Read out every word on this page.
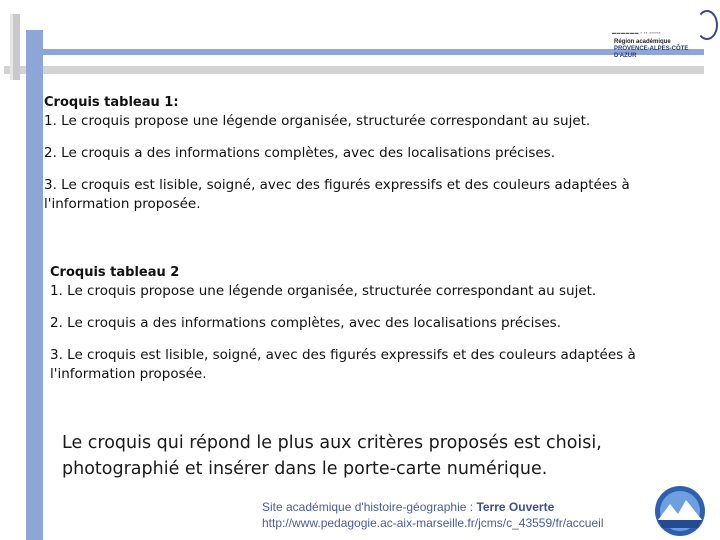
▬▬▬▬▬▬ ▪ ▪▪ ▪▪▪▪▪▪
Région académique
PROVENCE-ALPES-CÔTE D'AZUR

Croquis tableau 1:

1. Le croquis propose une légende organisée, structurée correspondant au sujet.

2. Le croquis a des informations complètes, avec des localisations précises.

3. Le croquis est lisible, soigné, avec des figurés expressifs et des couleurs adaptées à l'information proposée.

Croquis tableau 2

1. Le croquis propose une légende organisée, structurée correspondant au sujet.

2. Le croquis a des informations complètes, avec des localisations précises.

3. Le croquis est lisible, soigné, avec des figurés expressifs et des couleurs adaptées à l'information proposée.

Le croquis qui répond le plus aux critères proposés est choisi, photographié et insérer dans le porte-carte numérique.
Site académique d'histoire-géographie : Terre Ouverte
http://www.pedagogie.ac-aix-marseille.fr/jcms/c_43559/fr/accueil
